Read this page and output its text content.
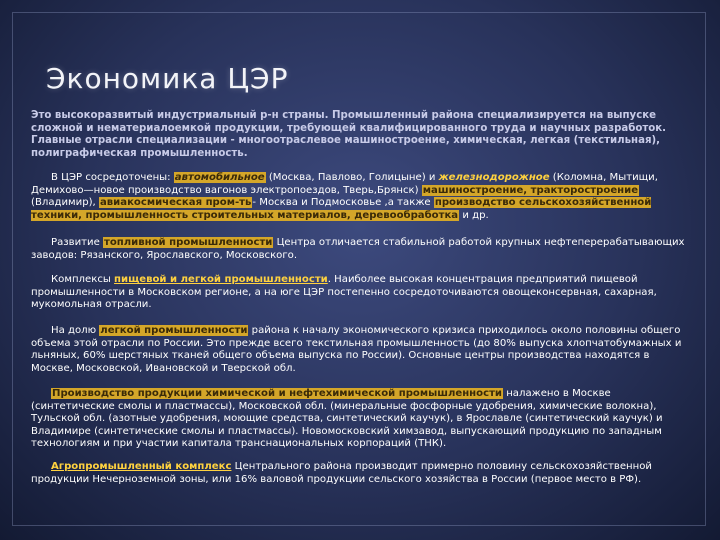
Экономика ЦЭР
Это высокоразвитый индустриальный р-н страны. Промышленный района специализируется на выпуске сложной и нематериалоемкой продукции, требующей квалифицированного труда и научных разработок. Главные отрасли специализации - многоотраслевое машиностроение, химическая, легкая (текстильная), полиграфическая промышленность.
В ЦЭР сосредоточены: автомобильное (Москва, Павлово, Голицыне) и железнодорожное (Коломна, Мытищи, Демихово—новое производство вагонов электропоездов, Тверь,Брянск) машиностроение, тракторостроение (Владимир), авиакосмическая пром-ть- Москва и Подмосковье ,а также производство сельскохозяйственной техники, промышленность строительных материалов, деревообработка и др.
Развитие топливной промышленности Центра отличается стабильной работой крупных нефтеперерабатывающих заводов: Рязанского, Ярославского, Московского.
Комплексы пищевой и легкой промышленности. Наиболее высокая концентрация предприятий пищевой промышленности в Московском регионе, а на юге ЦЭР постепенно сосредоточиваются овощеконсервная, сахарная, мукомольная отрасли.
На долю легкой промышленности района к началу экономического кризиса приходилось около половины общего объема этой отрасли по России. Это прежде всего текстильная промышленность (до 80% выпуска хлопчатобумажных и льняных, 60% шерстяных тканей общего объема выпуска по России). Основные центры производства находятся в Москве, Московской, Ивановской и Тверской обл.
Производство продукции химической и нефтехимической промышленности налажено в Москве (синтетические смолы и пластмассы), Московской обл. (минеральные фосфорные удобрения, химические волокна), Тульской обл. (азотные удобрения, моющие средства, синтетический каучук), в Ярославле (синтетический каучук) и Владимире (синтетические смолы и пластмассы). Новомосковский химзавод, выпускающий продукцию по западным технологиям и при участии капитала транснациональных корпораций (ТНК).
Агропромышленный комплекс Центрального района производит примерно половину сельскохозяйственной продукции Нечерноземной зоны, или 16% валовой продукции сельского хозяйства в России (первое место в РФ).
